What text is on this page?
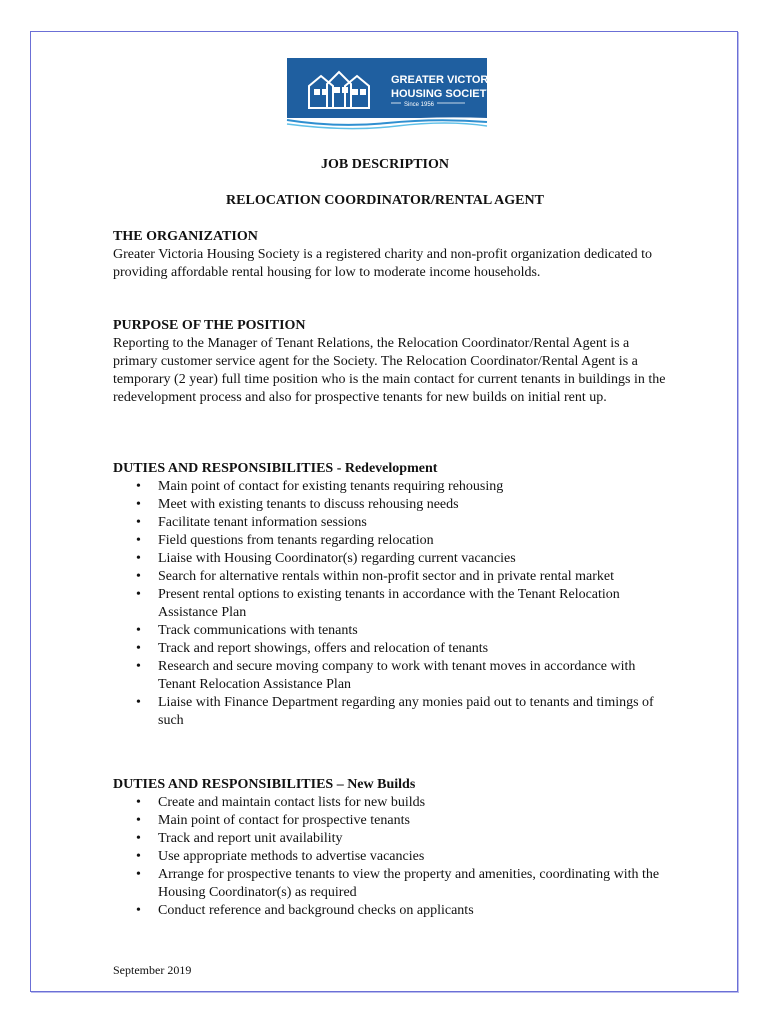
GREATER VICTORIA
HOUSING SOCIETY
Since 1956
JOB DESCRIPTION
RELOCATION COORDINATOR/RENTAL AGENT
THE ORGANIZATION

Greater Victoria Housing Society is a registered charity and non-profit organization dedicated to providing affordable rental housing for low to moderate income households.

PURPOSE OF THE POSITION

Reporting to the Manager of Tenant Relations, the Relocation Coordinator/Rental Agent is a primary customer service agent for the Society. The Relocation Coordinator/Rental Agent is a temporary (2 year) full time position who is the main contact for current tenants in buildings in the redevelopment process and also for prospective tenants for new builds on initial rent up.

DUTIES AND RESPONSIBILITIES - Redevelopment
• Main point of contact for existing tenants requiring rehousing
• Meet with existing tenants to discuss rehousing needs
• Facilitate tenant information sessions
• Field questions from tenants regarding relocation
• Liaise with Housing Coordinator(s) regarding current vacancies
• Search for alternative rentals within non-profit sector and in private rental market
• Present rental options to existing tenants in accordance with the Tenant Relocation Assistance Plan
• Track communications with tenants
• Track and report showings, offers and relocation of tenants
• Research and secure moving company to work with tenant moves in accordance with Tenant Relocation Assistance Plan
• Liaise with Finance Department regarding any monies paid out to tenants and timings of such
DUTIES AND RESPONSIBILITIES – New Builds
• Create and maintain contact lists for new builds
• Main point of contact for prospective tenants
• Track and report unit availability
• Use appropriate methods to advertise vacancies
• Arrange for prospective tenants to view the property and amenities, coordinating with the Housing Coordinator(s) as required
• Conduct reference and background checks on applicants
September 2019
